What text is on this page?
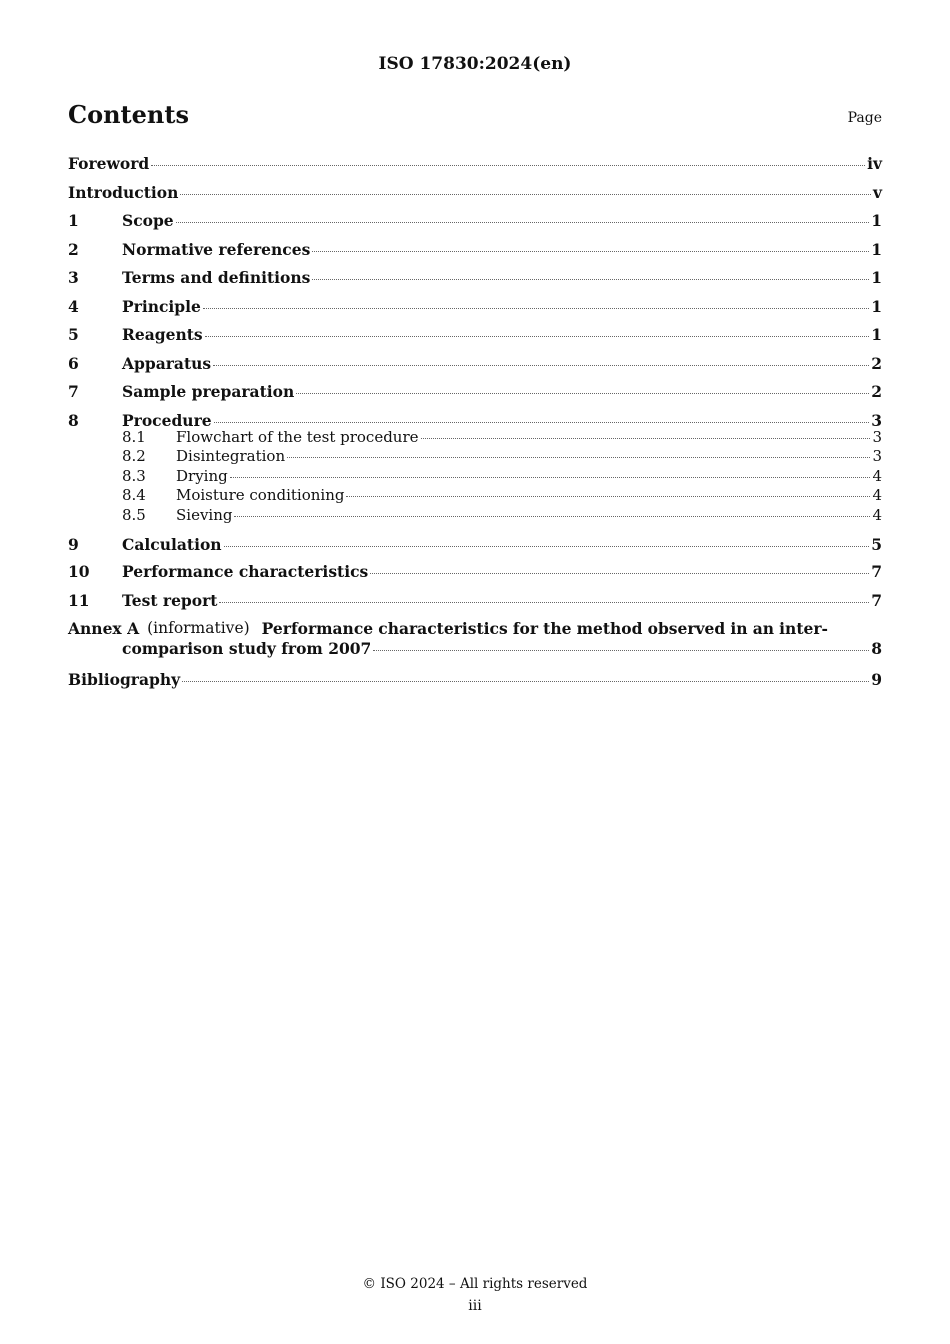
ISO 17830:2024(en)
Contents	Page
Foreword	iv
Introduction	v
1	Scope	1
2	Normative references	1
3	Terms and definitions	1
4	Principle	1
5	Reagents	1
6	Apparatus	2
7	Sample preparation	2
8	Procedure	3
8.1	Flowchart of the test procedure	3
8.2	Disintegration	3
8.3	Drying	4
8.4	Moisture conditioning	4
8.5	Sieving	4
9	Calculation	5
10	Performance characteristics	7
11	Test report	7
Annex A (informative) Performance characteristics for the method observed in an inter-
comparison study from 2007	8
Bibliography	9
© ISO 2024 – All rights reserved
iii
